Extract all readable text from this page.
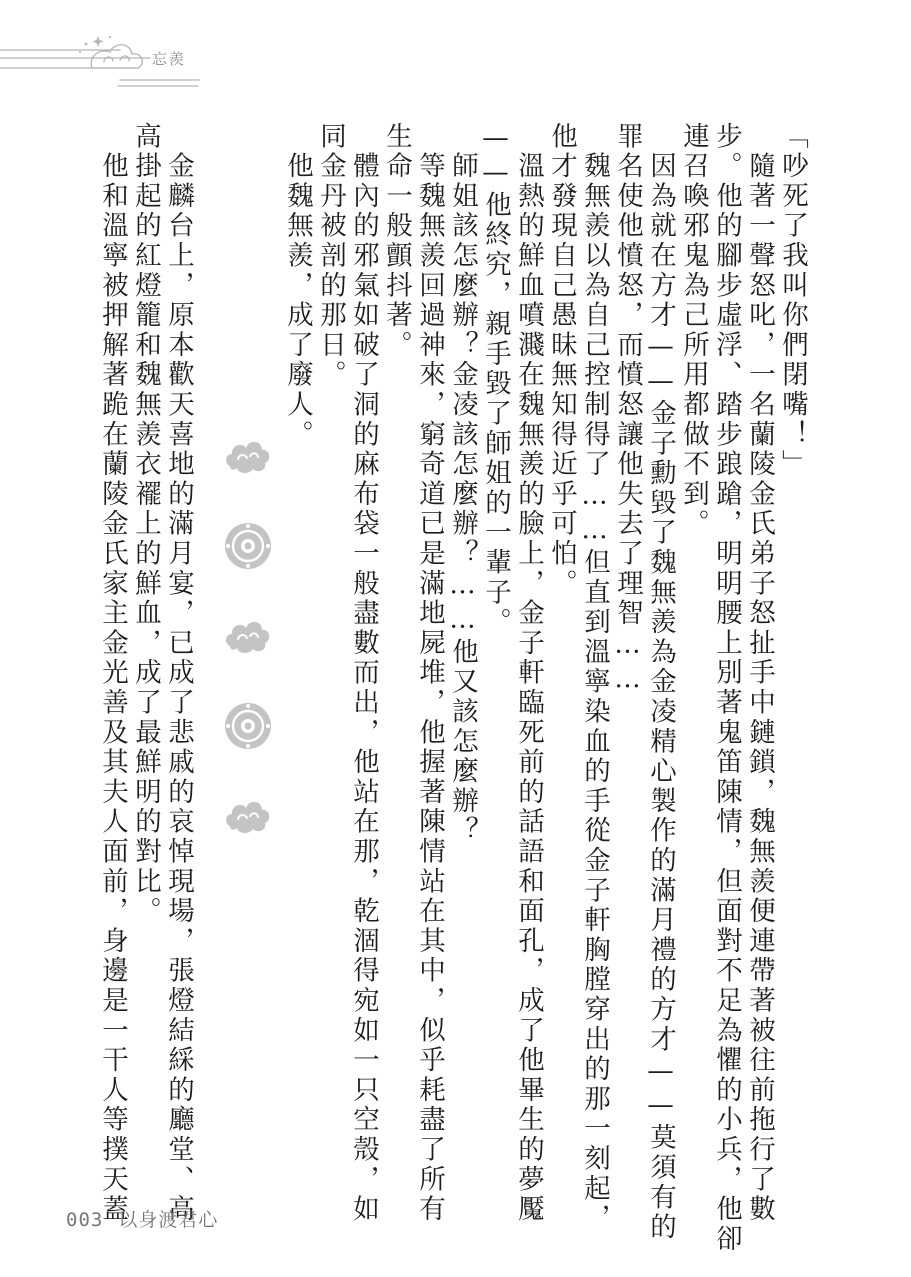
忘羨
「吵死了我叫你們閉嘴！」
　隨著一聲怒叱，一名蘭陵金氏弟子怒扯手中鏈鎖，魏無羨便連帶著被往前拖行了數
步。他的腳步虛浮、踏步踉蹌，明明腰上別著鬼笛陳情，但面對不足為懼的小兵，他卻
連召喚邪鬼為己所用都做不到。
　因為就在方才——金子勳毀了魏無羨為金凌精心製作的滿月禮的方才——莫須有的
罪名使他憤怒，而憤怒讓他失去了理智……
　魏無羨以為自己控制得了……但直到溫寧染血的手從金子軒胸膛穿出的那一刻起，
他才發現自己愚昧無知得近乎可怕。
　溫熱的鮮血噴濺在魏無羨的臉上，金子軒臨死前的話語和面孔，成了他畢生的夢魘
——他終究，親手毀了師姐的一輩子。
　師姐該怎麼辦？金凌該怎麼辦？……他又該怎麼辦？
　等魏無羨回過神來，窮奇道已是滿地屍堆，他握著陳情站在其中，似乎耗盡了所有
生命一般顫抖著。
　體內的邪氣如破了洞的麻布袋一般盡數而出，他站在那，乾涸得宛如一只空殼，如
同金丹被剖的那日。
　他魏無羨，成了廢人。
　金麟台上，原本歡天喜地的滿月宴，已成了悲戚的哀悼現場，張燈結綵的廳堂、高
高掛起的紅燈籠和魏無羨衣襬上的鮮血，成了最鮮明的對比。
　他和溫寧被押解著跪在蘭陵金氏家主金光善及其夫人面前，身邊是一干人等撲天蓋
003 以身渡君心
